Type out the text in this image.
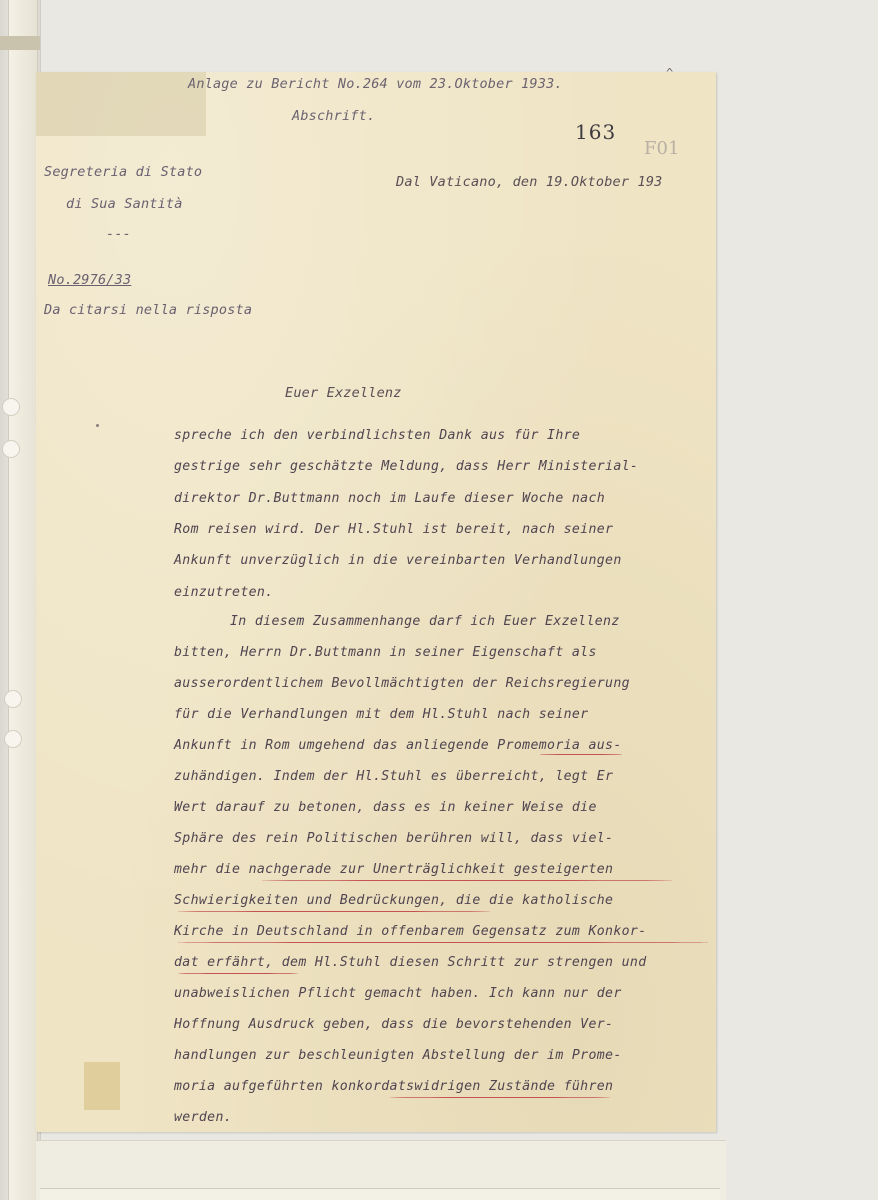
^
Anlage zu Bericht No.264 vom 23.Oktober 1933.
Abschrift.
163
F01
Segreteria di Stato
di Sua Santità
---
Dal Vaticano, den 19.Oktober 193
No.2976/33
Da citarsi nella risposta
Euer Exzellenz
spreche ich den verbindlichsten Dank aus für Ihre
gestrige sehr geschätzte Meldung, dass Herr Ministerial-
direktor Dr.Buttmann noch im Laufe dieser Woche nach
Rom reisen wird. Der Hl.Stuhl ist bereit, nach seiner
Ankunft unverzüglich in die vereinbarten Verhandlungen
einzutreten.
In diesem Zusammenhange darf ich Euer Exzellenz
bitten, Herrn Dr.Buttmann in seiner Eigenschaft als
ausserordentlichem Bevollmächtigten der Reichsregierung
für die Verhandlungen mit dem Hl.Stuhl nach seiner
Ankunft in Rom umgehend das anliegende Promemoria aus-
zuhändigen. Indem der Hl.Stuhl es überreicht, legt Er
Wert darauf zu betonen, dass es in keiner Weise die
Sphäre des rein Politischen berühren will, dass viel-
mehr die nachgerade zur Unerträglichkeit gesteigerten
Schwierigkeiten und Bedrückungen, die die katholische
Kirche in Deutschland in offenbarem Gegensatz zum Konkor-
dat erfährt, dem Hl.Stuhl diesen Schritt zur strengen und
unabweislichen Pflicht gemacht haben. Ich kann nur der
Hoffnung Ausdruck geben, dass die bevorstehenden Ver-
handlungen zur beschleunigten Abstellung der im Prome-
moria aufgeführten konkordatswidrigen Zustände führen
werden.
